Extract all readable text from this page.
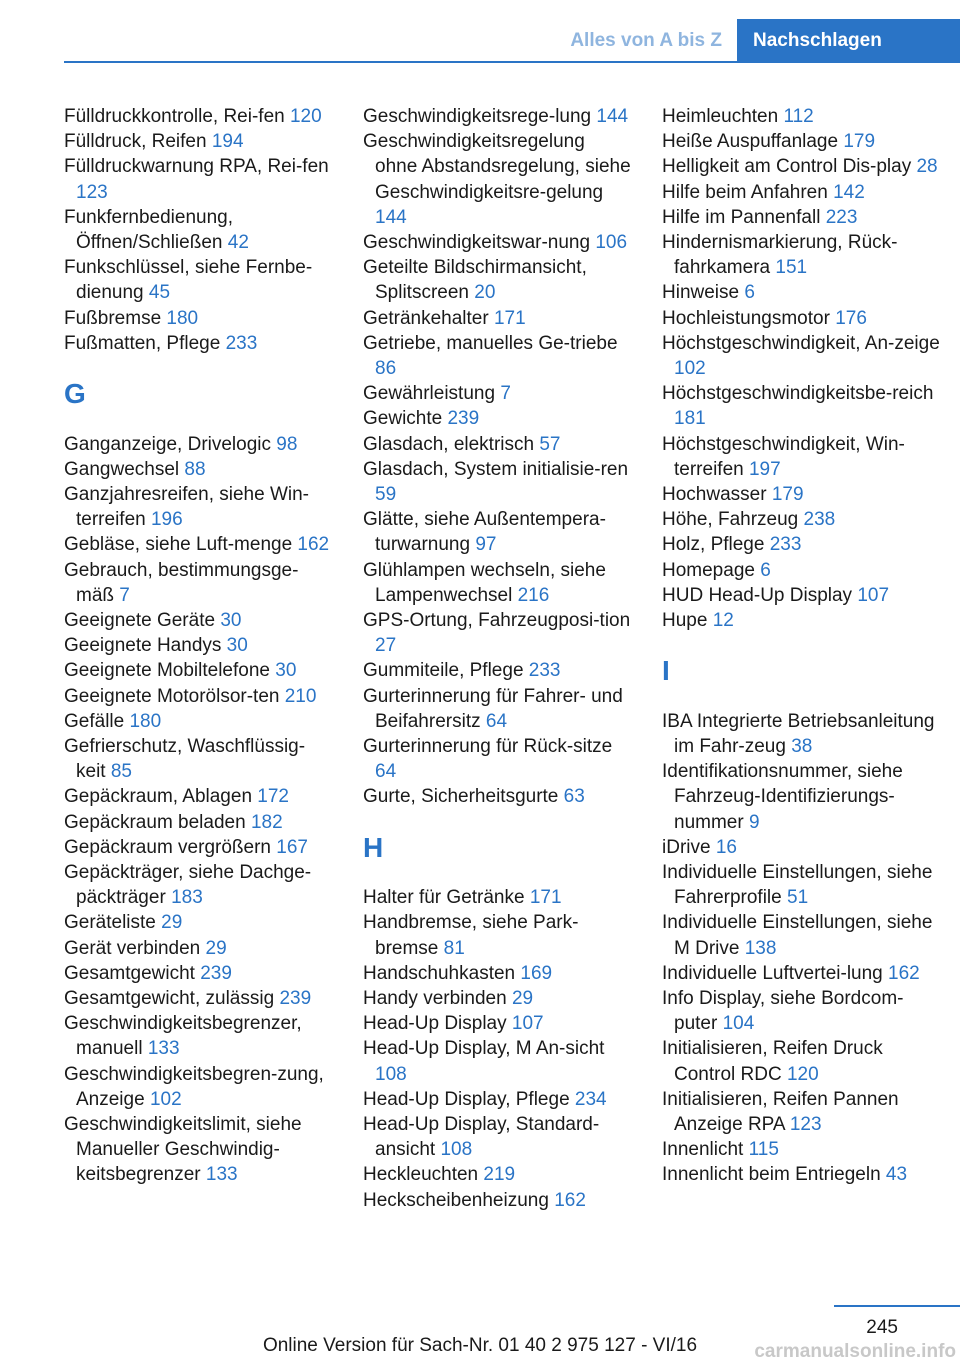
Alles von A bis Z	Nachschlagen
Fülldruckkontrolle, Rei‐fen 120
Fülldruck, Reifen 194
Fülldruckwarnung RPA, Rei‐fen 123
Funkfernbedienung, Öffnen/Schließen 42
Funkschlüssel, siehe Fernbe‐dienung 45
Fußbremse 180
Fußmatten, Pflege 233
G
Ganganzeige, Drivelogic 98
Gangwechsel 88
Ganzjahresreifen, siehe Win‐terreifen 196
Gebläse, siehe Luft‐menge 162
Gebrauch, bestimmungsge‐mäß 7
Geeignete Geräte 30
Geeignete Handys 30
Geeignete Mobiltelefone 30
Geeignete Motorölsor‐ten 210
Gefälle 180
Gefrierschutz, Waschflüssig‐keit 85
Gepäckraum, Ablagen 172
Gepäckraum beladen 182
Gepäckraum vergrößern 167
Gepäckträger, siehe Dachge‐päckträger 183
Geräteliste 29
Gerät verbinden 29
Gesamtgewicht 239
Gesamtgewicht, zulässig 239
Geschwindigkeitsbegrenzer, manuell 133
Geschwindigkeitsbegren‐zung, Anzeige 102
Geschwindigkeitslimit, siehe Manueller Geschwindig‐keitsbegrenzer 133
Geschwindigkeitsrege‐lung 144
Geschwindigkeitsregelung ohne Abstandsregelung, siehe Geschwindigkeitsre‐gelung 144
Geschwindigkeitswar‐nung 106
Geteilte Bildschirmansicht, Splitscreen 20
Getränkehalter 171
Getriebe, manuelles Ge‐triebe 86
Gewährleistung 7
Gewichte 239
Glasdach, elektrisch 57
Glasdach, System initialisie‐ren 59
Glätte, siehe Außentempera‐turwarnung 97
Glühlampen wechseln, siehe Lampenwechsel 216
GPS-Ortung, Fahrzeugposi‐tion 27
Gummiteile, Pflege 233
Gurterinnerung für Fahrer- und Beifahrersitz 64
Gurterinnerung für Rück‐sitze 64
Gurte, Sicherheitsgurte 63
H
Halter für Getränke 171
Handbremse, siehe Park‐bremse 81
Handschuhkasten 169
Handy verbinden 29
Head-Up Display 107
Head-Up Display, M An‐sicht 108
Head-Up Display, Pflege 234
Head-Up Display, Standard‐ansicht 108
Heckleuchten 219
Heckscheibenheizung 162
Heimleuchten 112
Heiße Auspuffanlage 179
Helligkeit am Control Dis‐play 28
Hilfe beim Anfahren 142
Hilfe im Pannenfall 223
Hindernismarkierung, Rück‐fahrkamera 151
Hinweise 6
Hochleistungsmotor 176
Höchstgeschwindigkeit, An‐zeige 102
Höchstgeschwindigkeitsbe‐reich 181
Höchstgeschwindigkeit, Win‐terreifen 197
Hochwasser 179
Höhe, Fahrzeug 238
Holz, Pflege 233
Homepage 6
HUD Head-Up Display 107
Hupe 12
I
IBA Integrierte Betriebsanleitung im Fahr‐zeug 38
Identifikationsnummer, siehe Fahrzeug-Identifizierungs‐nummer 9
iDrive 16
Individuelle Einstellungen, siehe Fahrerprofile 51
Individuelle Einstellungen, siehe M Drive 138
Individuelle Luftvertei‐lung 162
Info Display, siehe Bordcom‐puter 104
Initialisieren, Reifen Druck Control RDC 120
Initialisieren, Reifen Pannen Anzeige RPA 123
Innenlicht 115
Innenlicht beim Entriegeln 43
245
Online Version für Sach-Nr. 01 40 2 975 127 - VI/16	carmanualsonline.info
